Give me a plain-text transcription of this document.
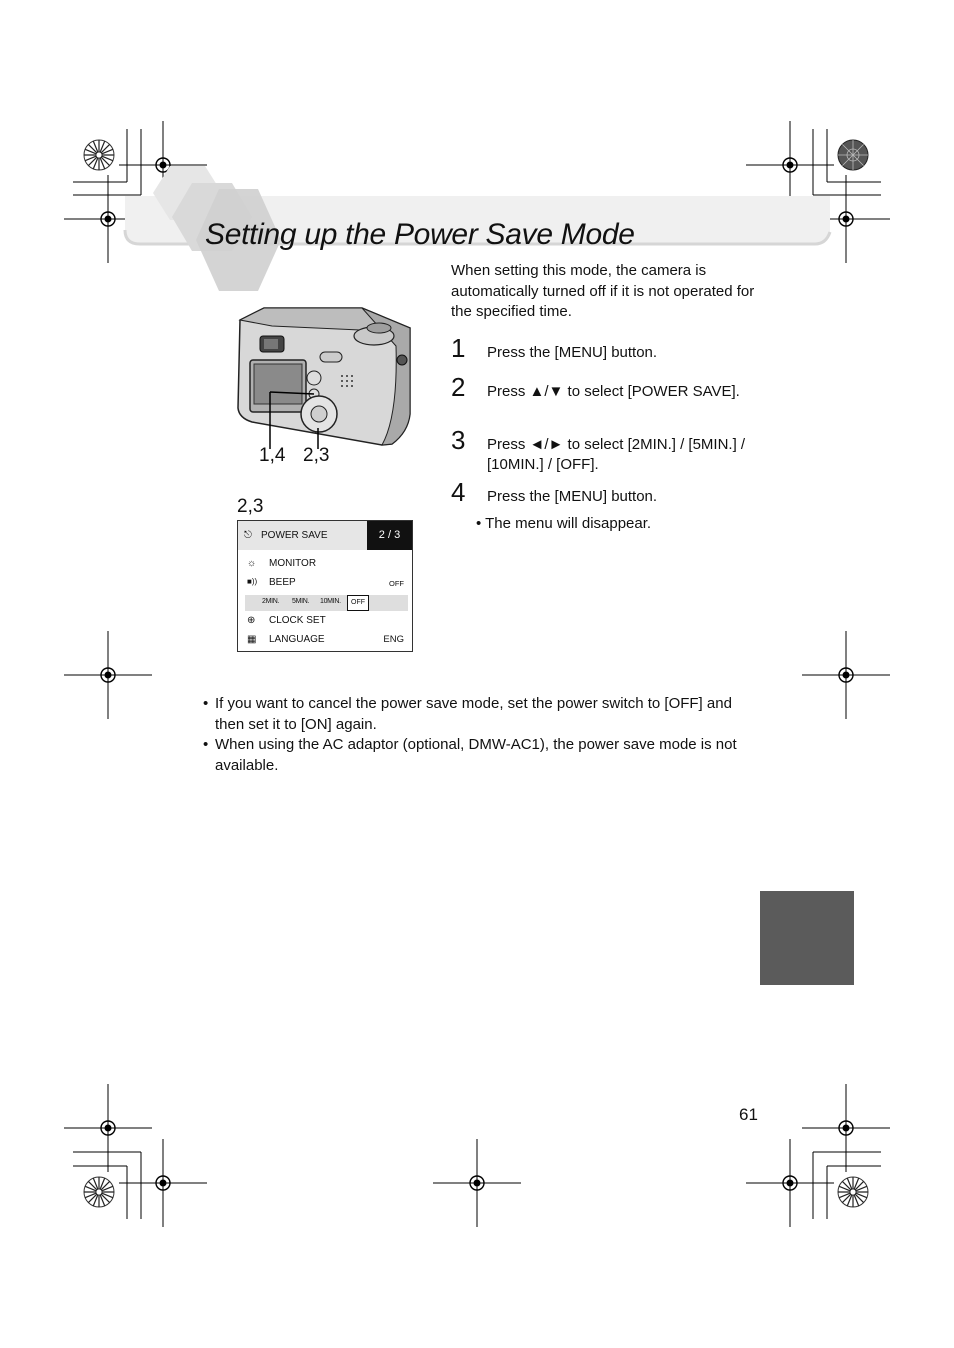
Setting up the Power Save Mode
1,4 2,3
2,3
⎋ POWER SAVE	2 / 3
☼ MONITOR
■)) BEEP	OFF
2MIN. 5MIN. 10MIN.	OFF
⊕ CLOCK SET
▦ LANGUAGE	ENG
When setting this mode, the camera is automatically turned off if it is not operated for the specified time.
1 Press the [MENU] button.
2 Press ▲/▼ to select [POWER SAVE].
3 Press ◄/► to select [2MIN.] / [5MIN.] / [10MIN.] / [OFF].
4 Press the [MENU] button.
• The menu will disappear.
• If you want to cancel the power save mode, set the power switch to [OFF] and then set it to [ON] again.
• When using the AC adaptor (optional, DMW-AC1), the power save mode is not available.
61
